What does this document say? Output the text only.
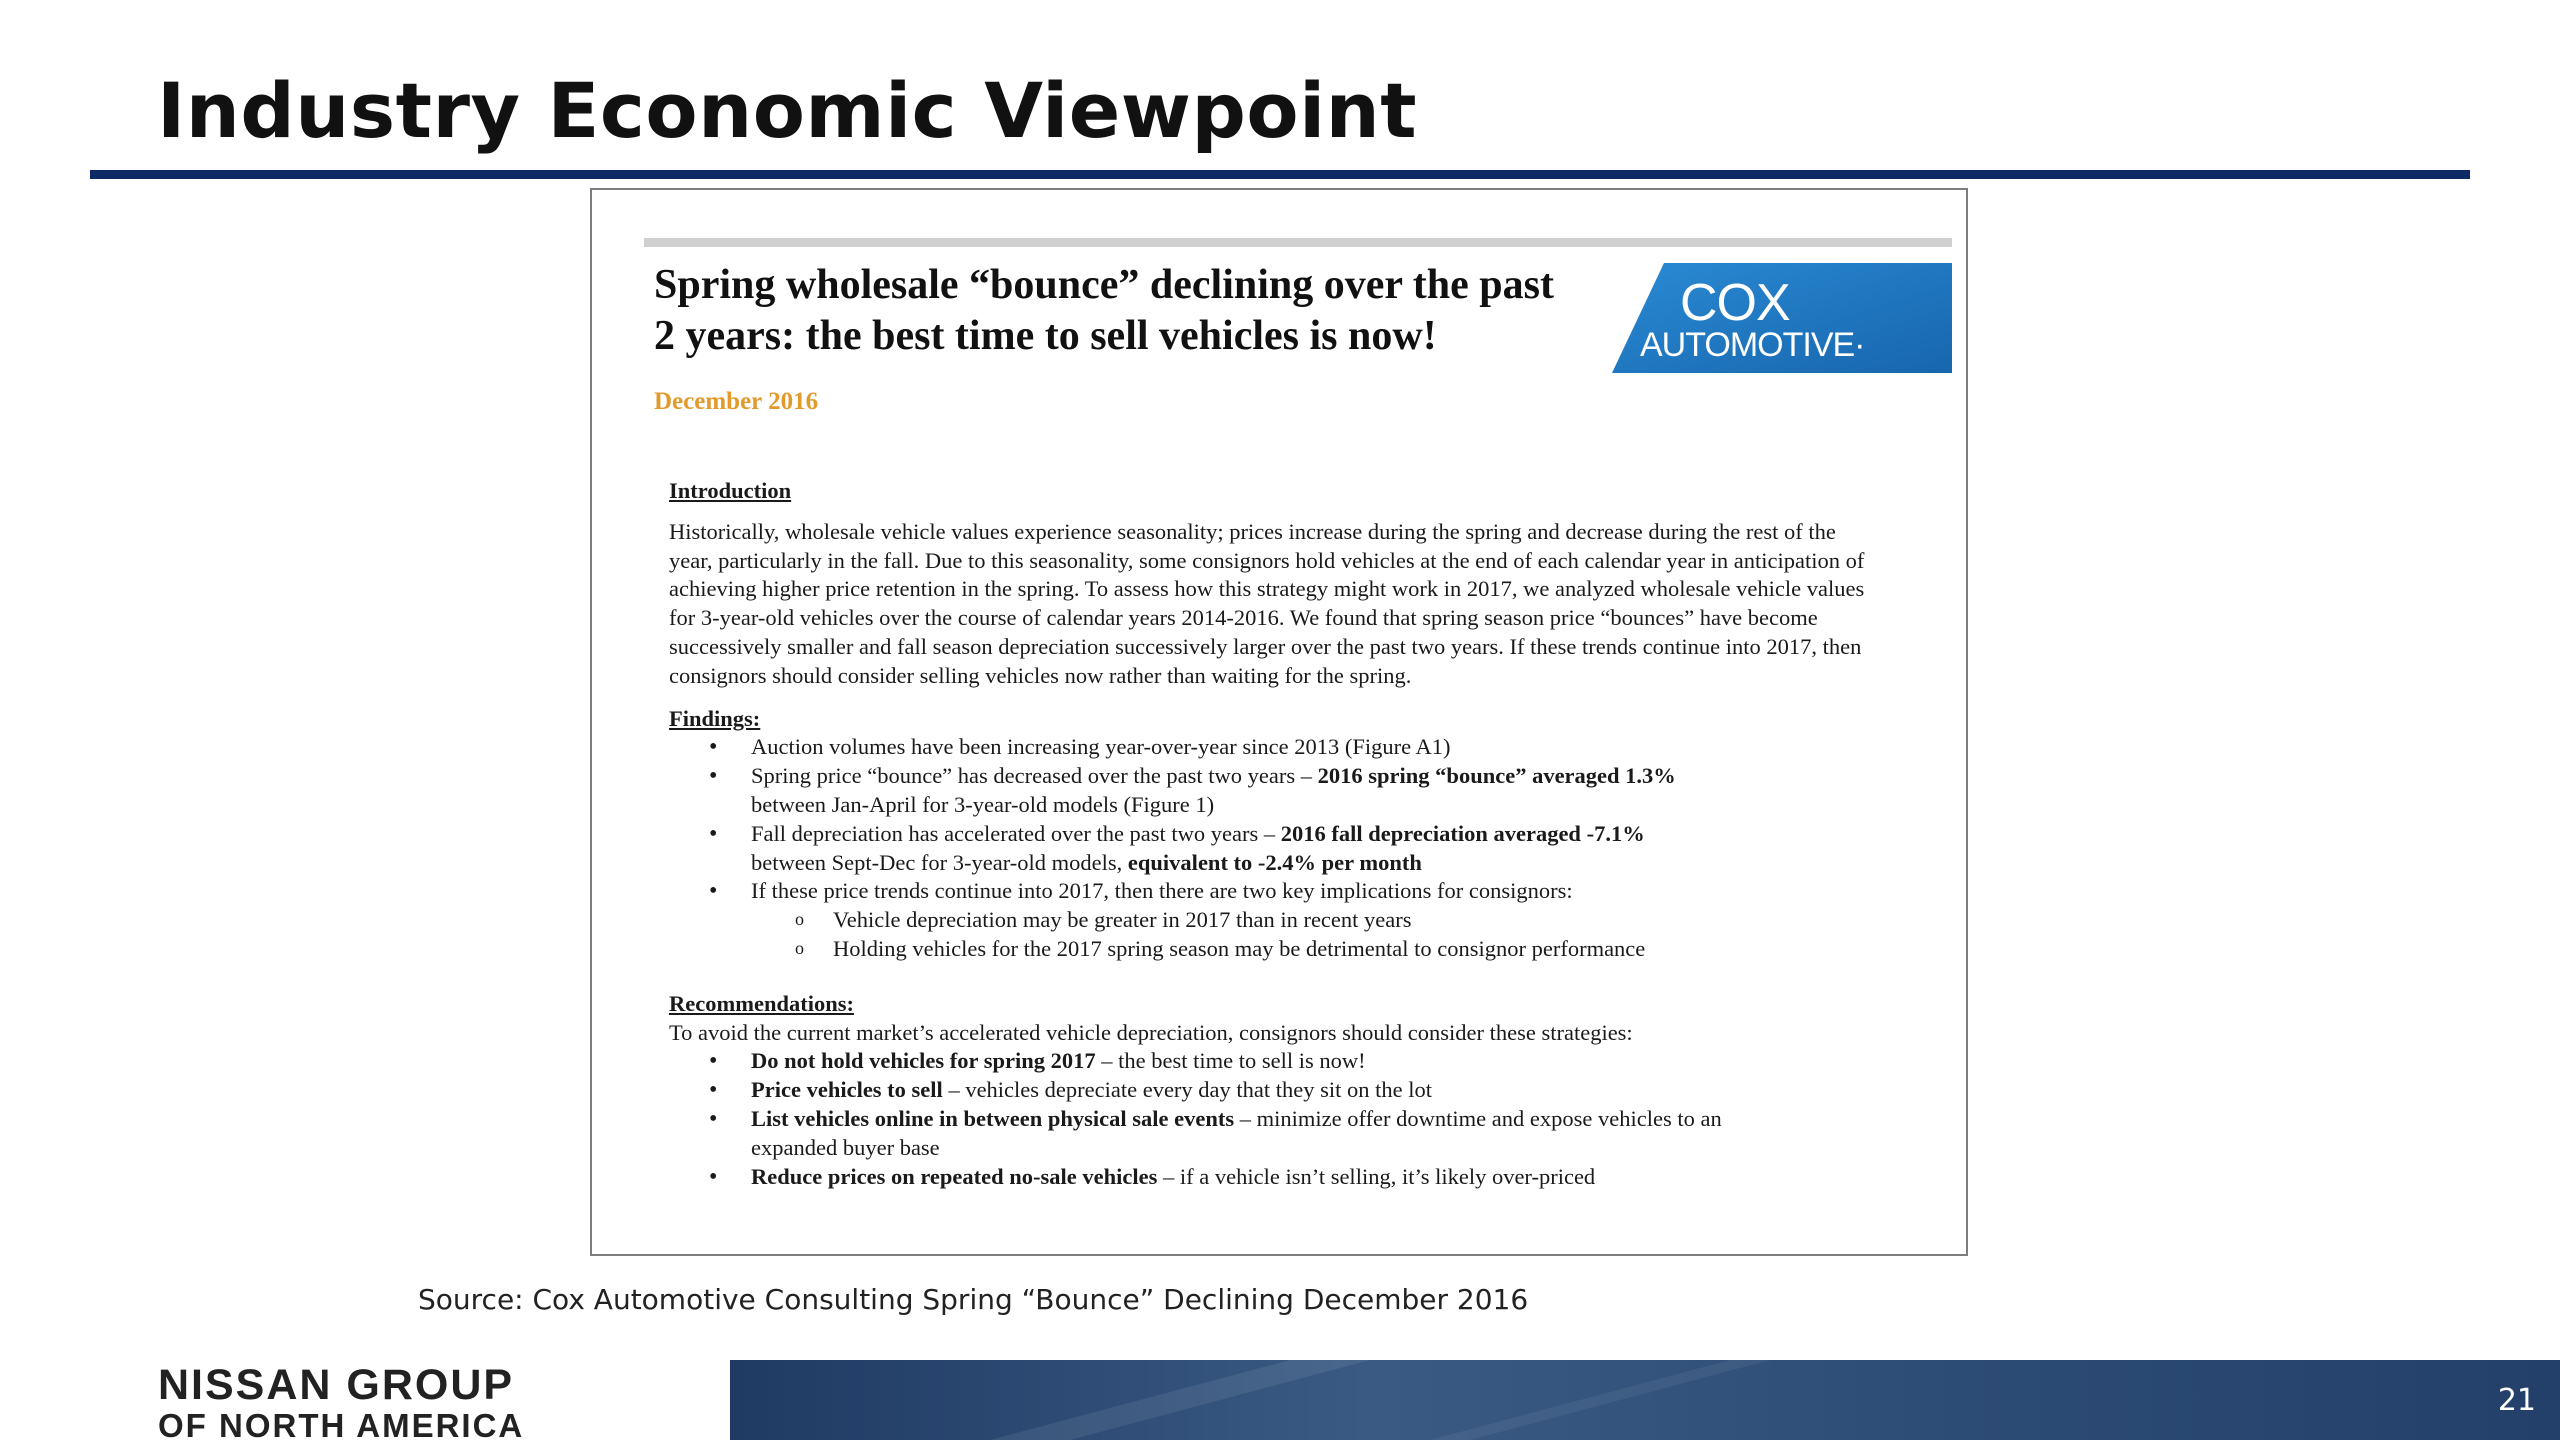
Industry Economic Viewpoint
Spring wholesale “bounce” declining over the past
2 years: the best time to sell vehicles is now!
December 2016
COX
AUTOMOTIVE·

Introduction

Historically, wholesale vehicle values experience seasonality; prices increase during the spring and decrease during the rest of the year, particularly in the fall. Due to this seasonality, some consignors hold vehicles at the end of each calendar year in anticipation of achieving higher price retention in the spring. To assess how this strategy might work in 2017, we analyzed wholesale vehicle values for 3-year-old vehicles over the course of calendar years 2014-2016. We found that spring season price “bounces” have become successively smaller and fall season depreciation successively larger over the past two years. If these trends continue into 2017, then consignors should consider selling vehicles now rather than waiting for the spring.

Findings:

• Auction volumes have been increasing year-over-year since 2013 (Figure A1)
• Spring price “bounce” has decreased over the past two years – 2016 spring “bounce” averaged 1.3%
between Jan-April for 3-year-old models (Figure 1)
• Fall depreciation has accelerated over the past two years – 2016 fall depreciation averaged -7.1%
between Sept-Dec for 3-year-old models, equivalent to -2.4% per month
• If these price trends continue into 2017, then there are two key implications for consignors:
o Vehicle depreciation may be greater in 2017 than in recent years
o Holding vehicles for the 2017 spring season may be detrimental to consignor performance

Recommendations:

To avoid the current market’s accelerated vehicle depreciation, consignors should consider these strategies:

• Do not hold vehicles for spring 2017 – the best time to sell is now!
• Price vehicles to sell – vehicles depreciate every day that they sit on the lot
• List vehicles online in between physical sale events – minimize offer downtime and expose vehicles to an expanded buyer base
• Reduce prices on repeated no-sale vehicles – if a vehicle isn’t selling, it’s likely over-priced
Source: Cox Automotive Consulting Spring “Bounce” Declining December 2016
NISSAN GROUP
OF NORTH AMERICA
21
